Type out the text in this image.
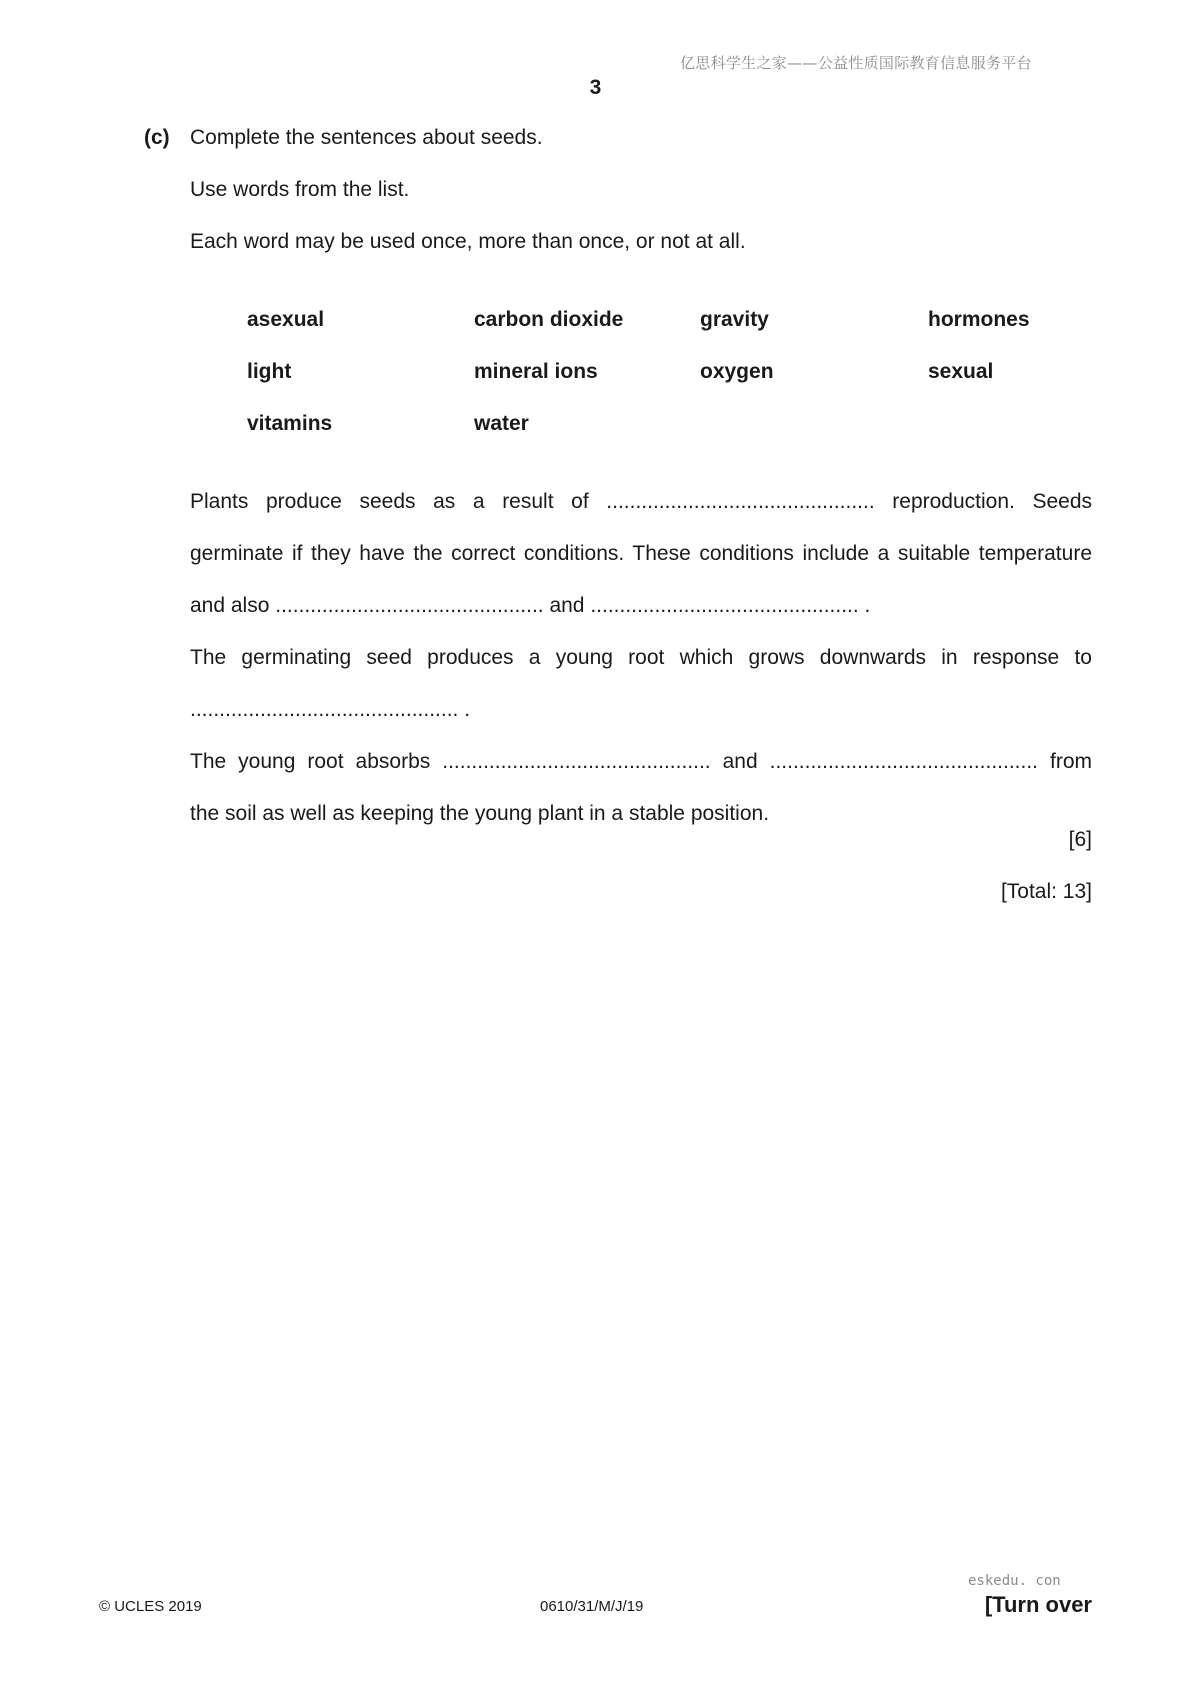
亿思科学生之家——公益性质国际教育信息服务平台
3
(c) Complete the sentences about seeds.
Use words from the list.
Each word may be used once, more than once, or not at all.
asexual	carbon dioxide	gravity	hormones
light	mineral ions	oxygen	sexual
vitamins	water
Plants produce seeds as a result of .............................................. reproduction. Seeds
germinate if they have the correct conditions. These conditions include a suitable temperature
and also .............................................. and .............................................. .
The germinating seed produces a young root which grows downwards in response to
.............................................. .
The young root absorbs .............................................. and .............................................. from
the soil as well as keeping the young plant in a stable position.
[6]
[Total: 13]
© UCLES 2019	0610/31/M/J/19
eskedu. con
[Turn over
